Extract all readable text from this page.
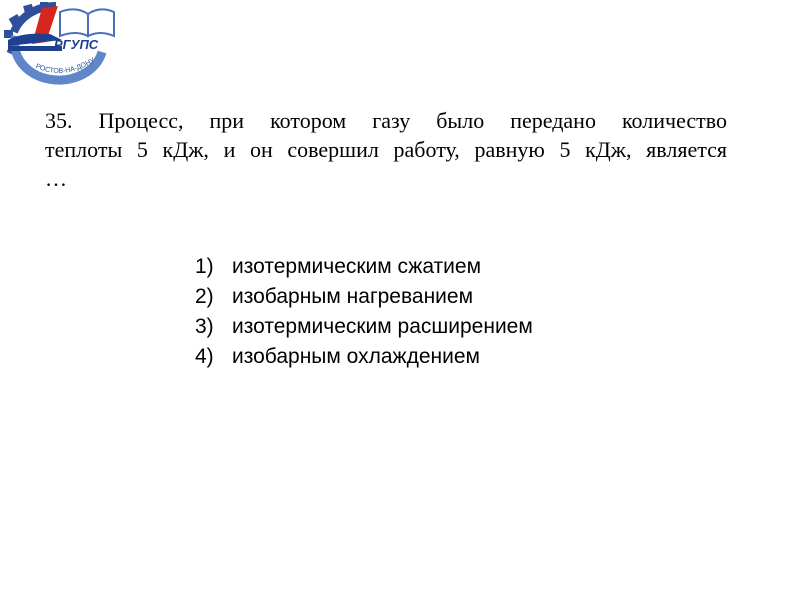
РГУПС
РОСТОВ-НА-ДОНУ

35. Процесс, при котором газу было передано количество
теплоты 5 кДж, и он совершил работу, равную 5 кДж, является
…

1) изотермическим сжатием
2) изобарным нагреванием
3) изотермическим расширением
4) изобарным охлаждением
